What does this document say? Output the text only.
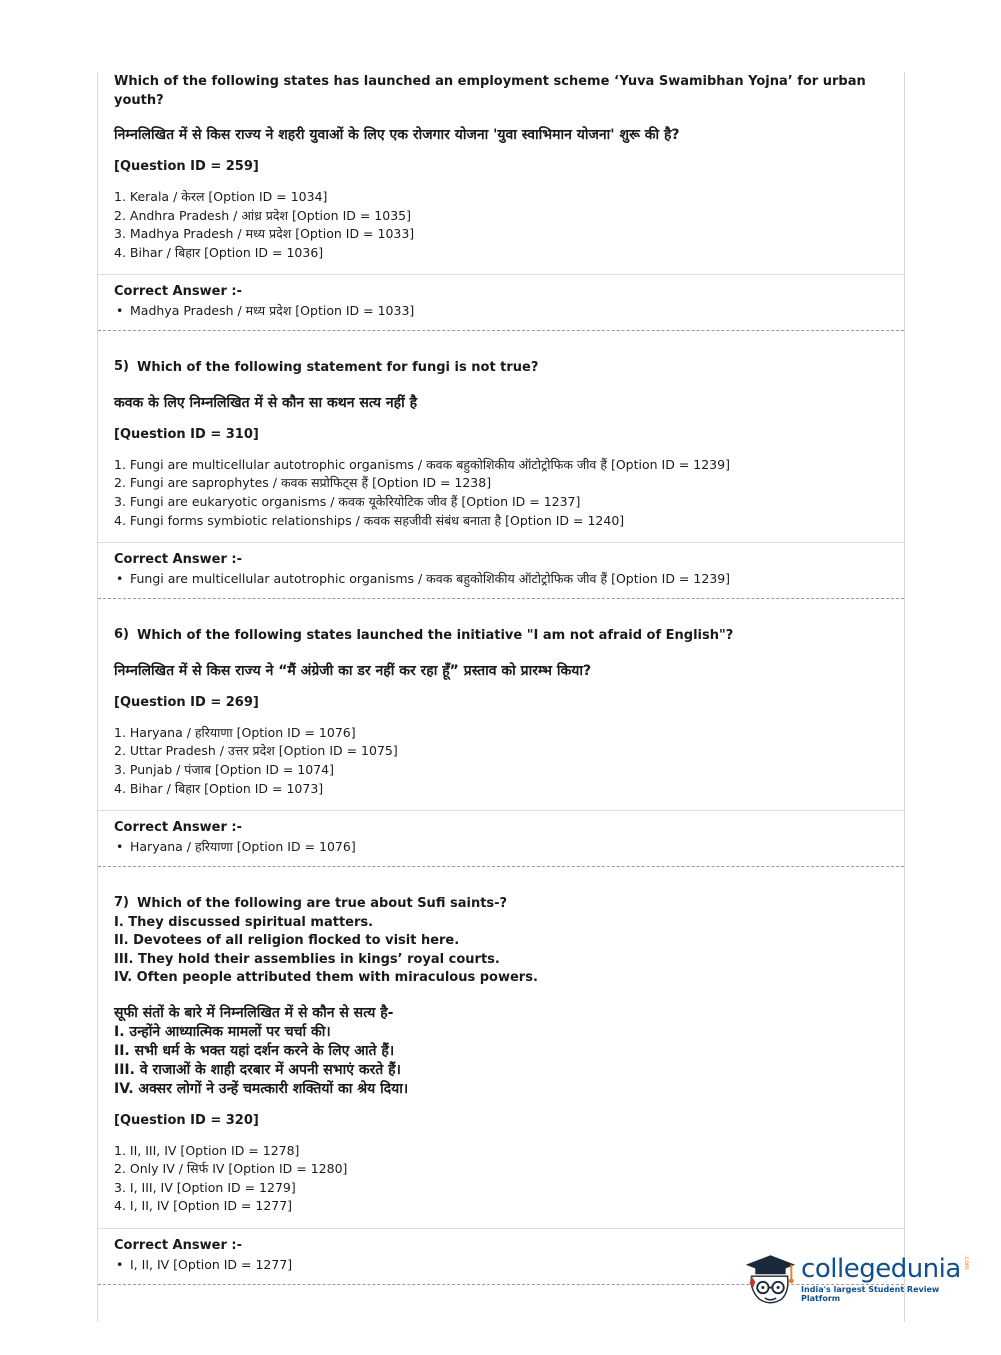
Which of the following states has launched an employment scheme ‘Yuva Swamibhan Yojna’ for urban youth?
निम्नलिखित में से किस राज्य ने शहरी युवाओं के लिए एक रोजगार योजना 'युवा स्वाभिमान योजना' शुरू की है?
[Question ID = 259]
1. Kerala / केरल [Option ID = 1034]
2. Andhra Pradesh / आंध्र प्रदेश [Option ID = 1035]
3. Madhya Pradesh / मध्य प्रदेश [Option ID = 1033]
4. Bihar / बिहार [Option ID = 1036]
Correct Answer :-
• Madhya Pradesh / मध्य प्रदेश [Option ID = 1033]
5) Which of the following statement for fungi is not true?
कवक के लिए निम्नलिखित में से कौन सा कथन सत्य नहीं है
[Question ID = 310]
1. Fungi are multicellular autotrophic organisms / कवक बहुकोशिकीय ऑटोट्रोफिक जीव हैं [Option ID = 1239]
2. Fungi are saprophytes / कवक सप्रोफिट्स हैं [Option ID = 1238]
3. Fungi are eukaryotic organisms / कवक यूकेरियोटिक जीव हैं [Option ID = 1237]
4. Fungi forms symbiotic relationships / कवक सहजीवी संबंध बनाता है [Option ID = 1240]
Correct Answer :-
• Fungi are multicellular autotrophic organisms / कवक बहुकोशिकीय ऑटोट्रोफिक जीव हैं [Option ID = 1239]
6) Which of the following states launched the initiative "I am not afraid of English"?
निम्नलिखित में से किस राज्य ने “मैं अंग्रेजी का डर नहीं कर रहा हूँ” प्रस्ताव को प्रारम्भ किया?
[Question ID = 269]
1. Haryana / हरियाणा [Option ID = 1076]
2. Uttar Pradesh / उत्तर प्रदेश [Option ID = 1075]
3. Punjab / पंजाब [Option ID = 1074]
4. Bihar / बिहार [Option ID = 1073]
Correct Answer :-
• Haryana / हरियाणा [Option ID = 1076]
7) Which of the following are true about Sufi saints-?
I. They discussed spiritual matters.
II. Devotees of all religion flocked to visit here.
III. They hold their assemblies in kings’ royal courts.
IV. Often people attributed them with miraculous powers.
सूफी संतों के बारे में निम्नलिखित में से कौन से सत्य है-
I. उन्होंने आध्यात्मिक मामलों पर चर्चा की।
II. सभी धर्म के भक्त यहां दर्शन करने के लिए आते हैं।
III. वे राजाओं के शाही दरबार में अपनी सभाएं करते हैं।
IV. अक्सर लोगों ने उन्हें चमत्कारी शक्तियों का श्रेय दिया।
[Question ID = 320]
1. II, III, IV [Option ID = 1278]
2. Only IV / सिर्फ IV [Option ID = 1280]
3. I, III, IV [Option ID = 1279]
4. I, II, IV [Option ID = 1277]
Correct Answer :-
• I, II, IV [Option ID = 1277]	collegedunia .com
India's largest Student Review Platform
